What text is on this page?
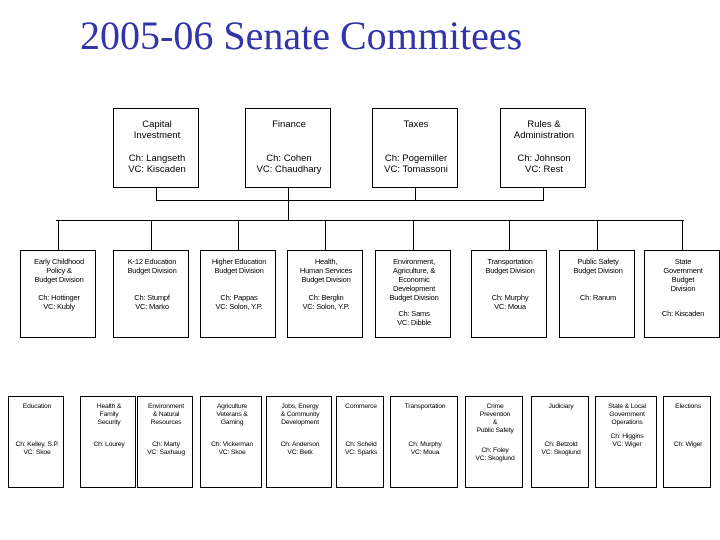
2005-06 Senate Commitees
Capital
Investment
Ch: Langseth
VC: Kiscaden
Finance
Ch: Cohen
VC: Chaudhary
Taxes
Ch: Pogemiller
VC: Tomassoni
Rules &
Administration
Ch: Johnson
VC: Rest
Early Childhood
Policy &
Budget Division
Ch: Hottinger
VC: Kubly
K-12 Education
Budget Division
Ch: Stumpf
VC: Marko
Higher Education
Budget Division
Ch: Pappas
VC: Solon, Y.P.
Health,
Human Services
Budget Division
Ch: Berglin
VC: Solon, Y.P.
Environment,
Agriculture, &
Economic
Development
Budget Division
Ch: Sams
VC: Dibble
Transportation
Budget Division
Ch: Murphy
VC: Moua
Public Safety
Budget Division
Ch: Ranum
State
Government
Budget
Division
Ch: Kiscaden
Education
Ch: Kelley, S.P.
VC: Skoe
Health &
Family
Security
Ch: Lourey
Environment
& Natural
Resources
Ch: Marty
VC: Saxhaug
Agriculture
Veterans &
Gaming
Ch: Vickerman
VC: Skoe
Jobs, Energy
& Community
Development
Ch: Anderson
VC: Betk
Commerce
Ch: Scheid
VC: Sparks
Transportation
Ch: Murphy
VC: Moua
Crime
Prevention
&
Public Safety
Ch: Foley
VC: Skoglund
Judiciary
Ch: Betzold
VC: Skoglund
State & Local
Government
Operations
Ch: Higgins
VC: Wiger
Elections
Ch: Wiger
